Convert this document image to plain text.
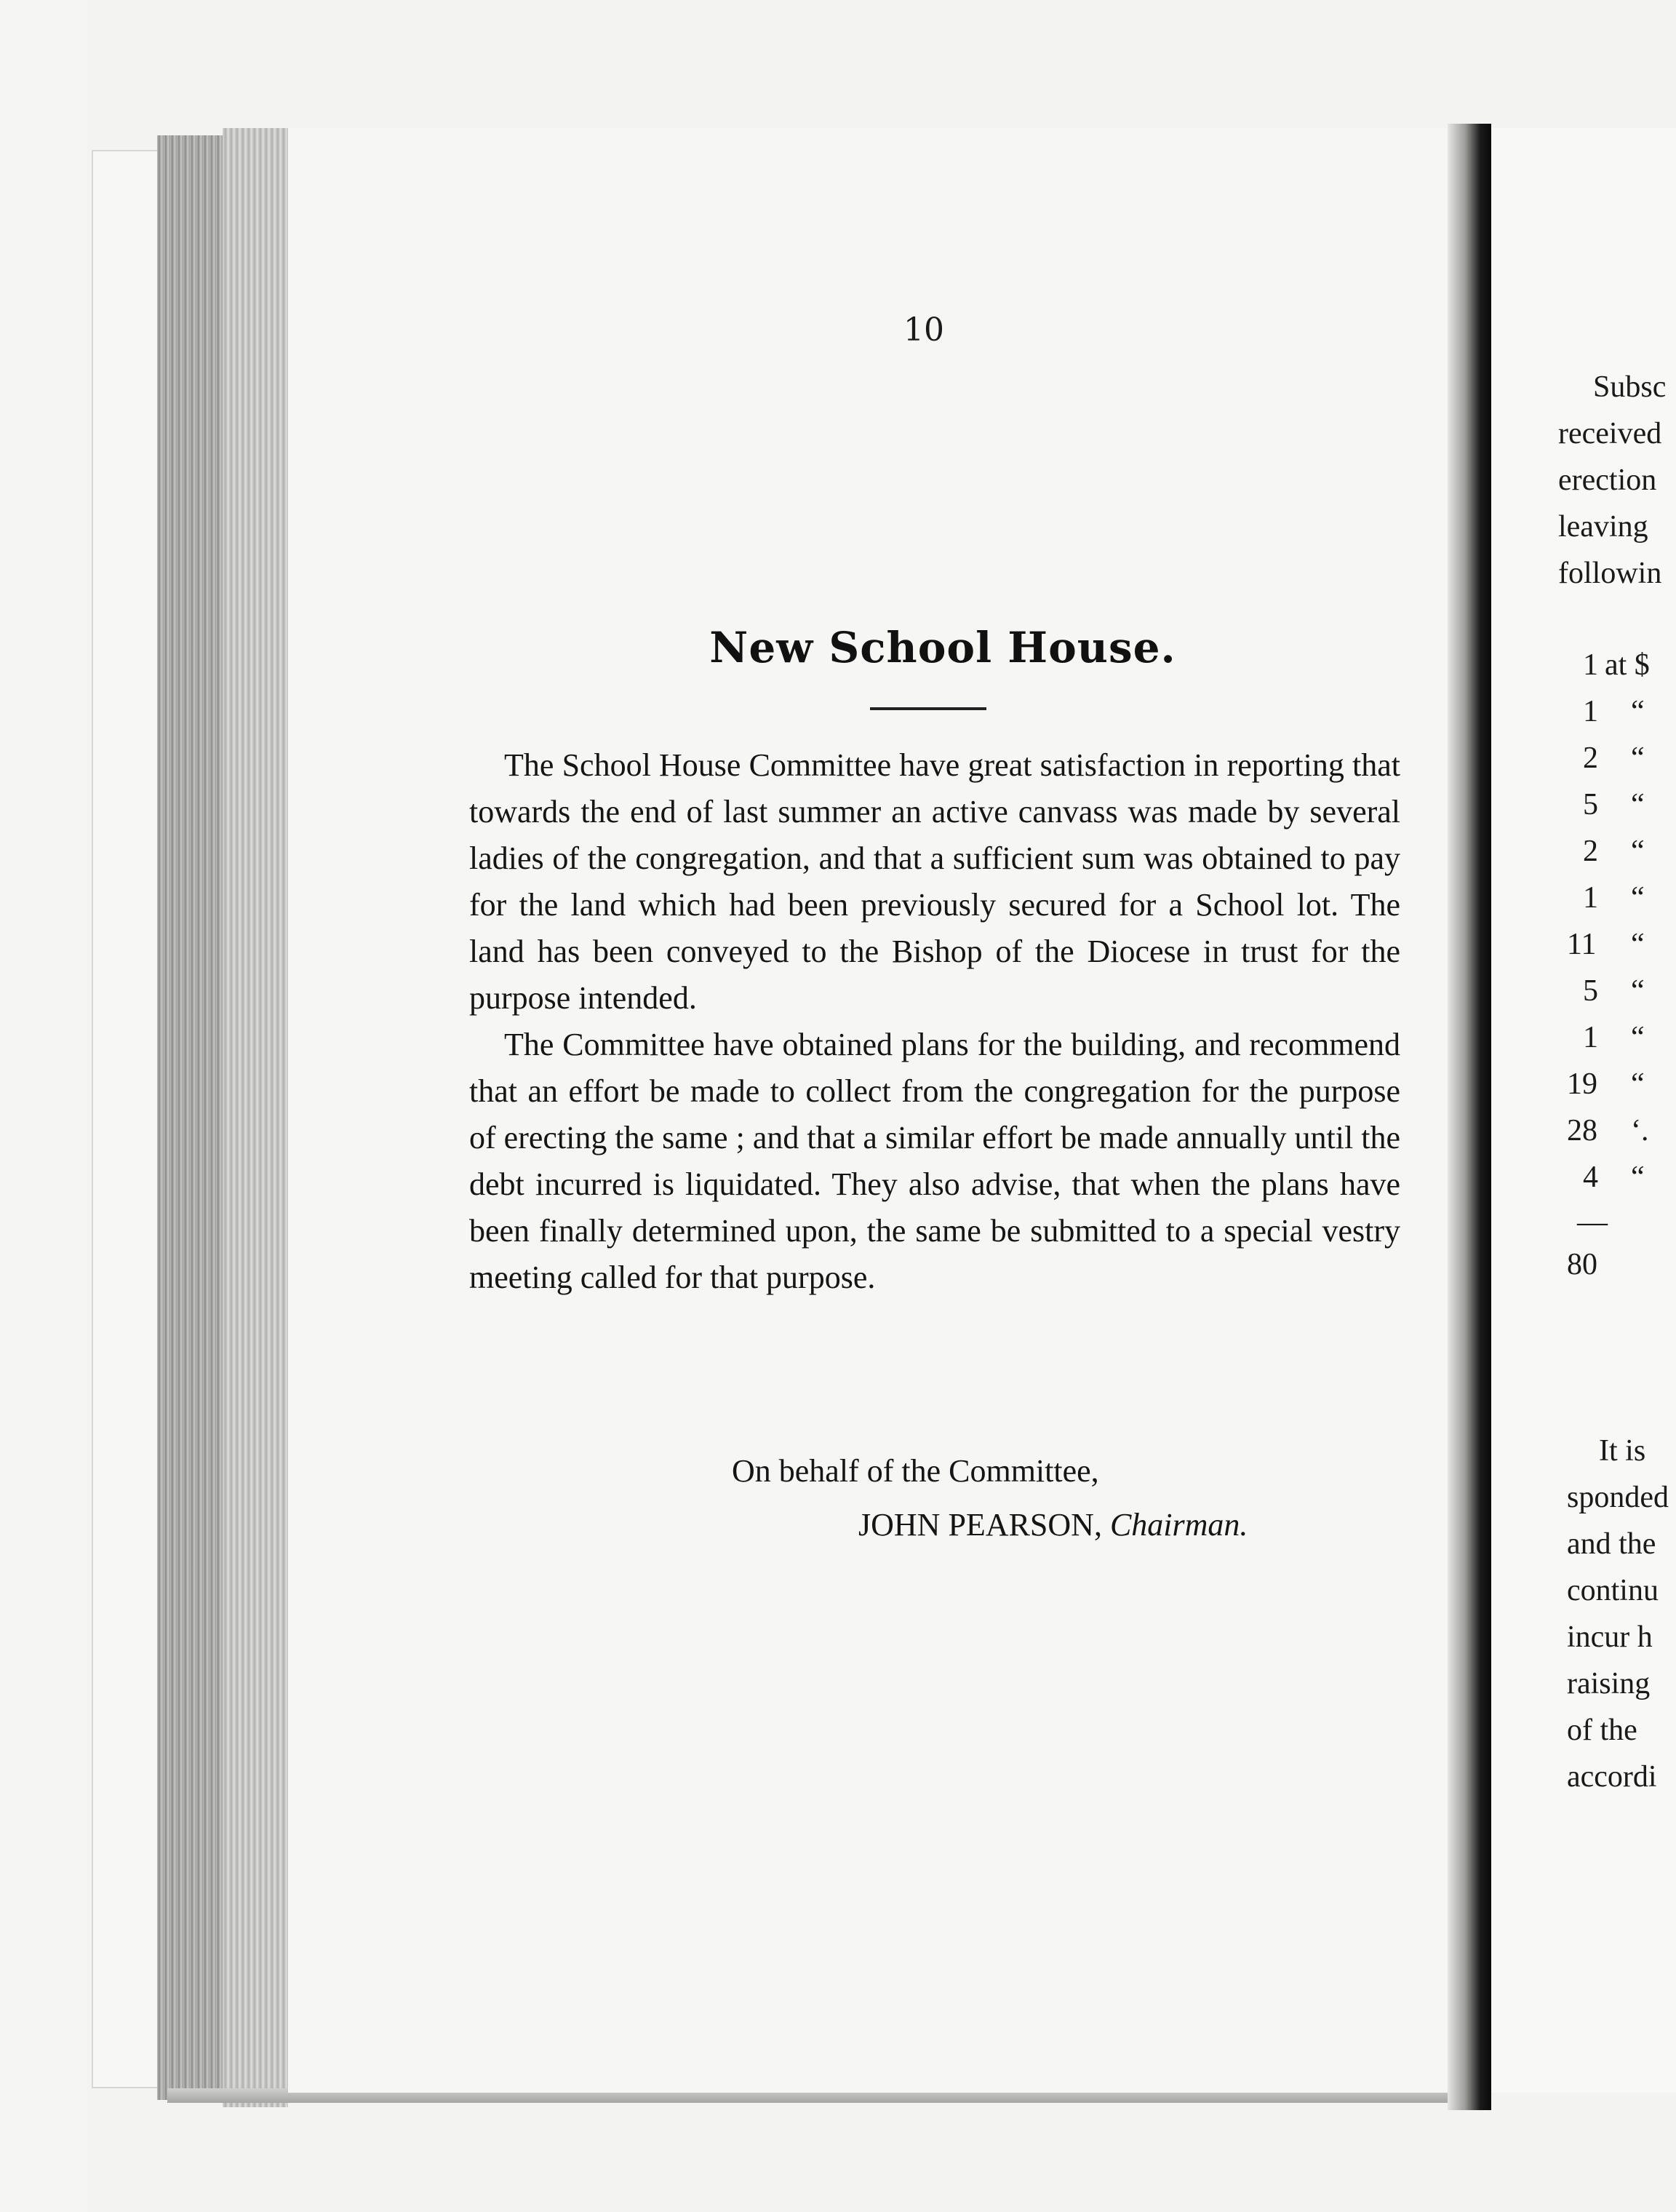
10
New School House.

The School House Committee have great satisfaction in reporting that towards the end of last summer an active canvass was made by several ladies of the congregation, and that a sufficient sum was obtained to pay for the land which had been previously secured for a School lot. The land has been conveyed to the Bishop of the Diocese in trust for the purpose intended.

The Committee have obtained plans for the building, and recommend that an effort be made to collect from the congregation for the purpose of erecting the same ; and that a similar effort be made annually until the debt incurred is liquidated. They also advise, that when the plans have been finally determined upon, the same be submitted to a special vestry meeting called for that purpose.

On behalf of the Committee,
JOHN PEARSON, Chairman.
Subsc
received
erection
leaving
followin
1 at $
1 “
2 “
5 “
2 “
1 “
11 “
5 “
1 “
19 “
28 ‘.
4 “
—
80
It is
sponded
and the
continu
incur h
raising
of the
accordi
